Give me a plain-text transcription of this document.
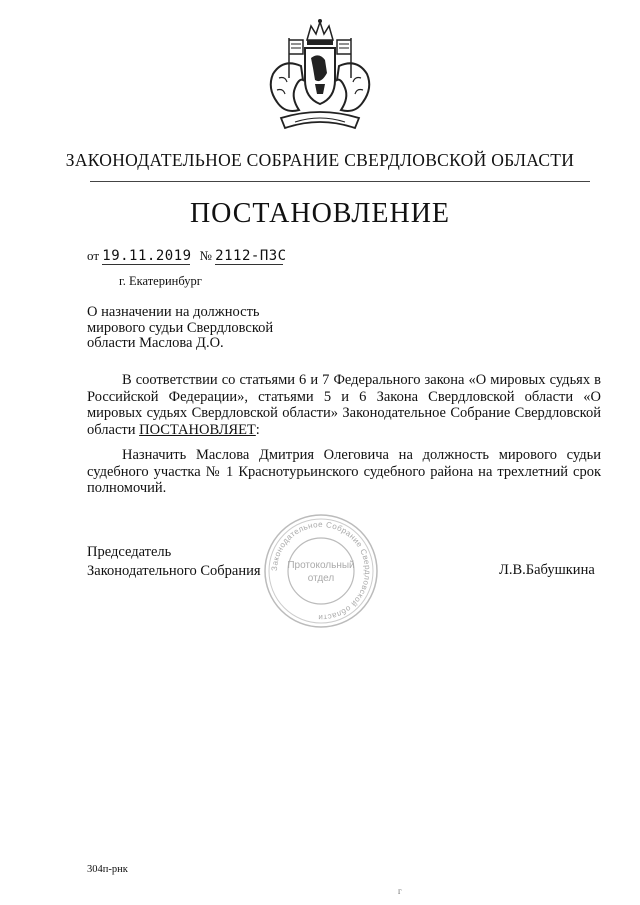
ЗАКОНОДАТЕЛЬНОЕ СОБРАНИЕ СВЕРДЛОВСКОЙ ОБЛАСТИ
ПОСТАНОВЛЕНИЕ
от 19.11.2019 № 2112-ПЗС
г. Екатеринбург
О назначении на должность
мирового судьи Свердловской
области Маслова Д.О.
В соответствии со статьями 6 и 7 Федерального закона «О мировых судьях в Российской Федерации», статьями 5 и 6 Закона Свердловской области «О мировых судьях Свердловской области» Законодательное Собрание Свердловской области ПОСТАНОВЛЯЕТ:
Назначить Маслова Дмитрия Олеговича на должность мирового судьи судебного участка № 1 Краснотурьинского судебного района на трехлетний срок полномочий.
Законодательное Собрание Свердловской области
Протокольный
отдел
Председатель
Законодательного Собрания	Л.В.Бабушкина
304п-рнк
г
